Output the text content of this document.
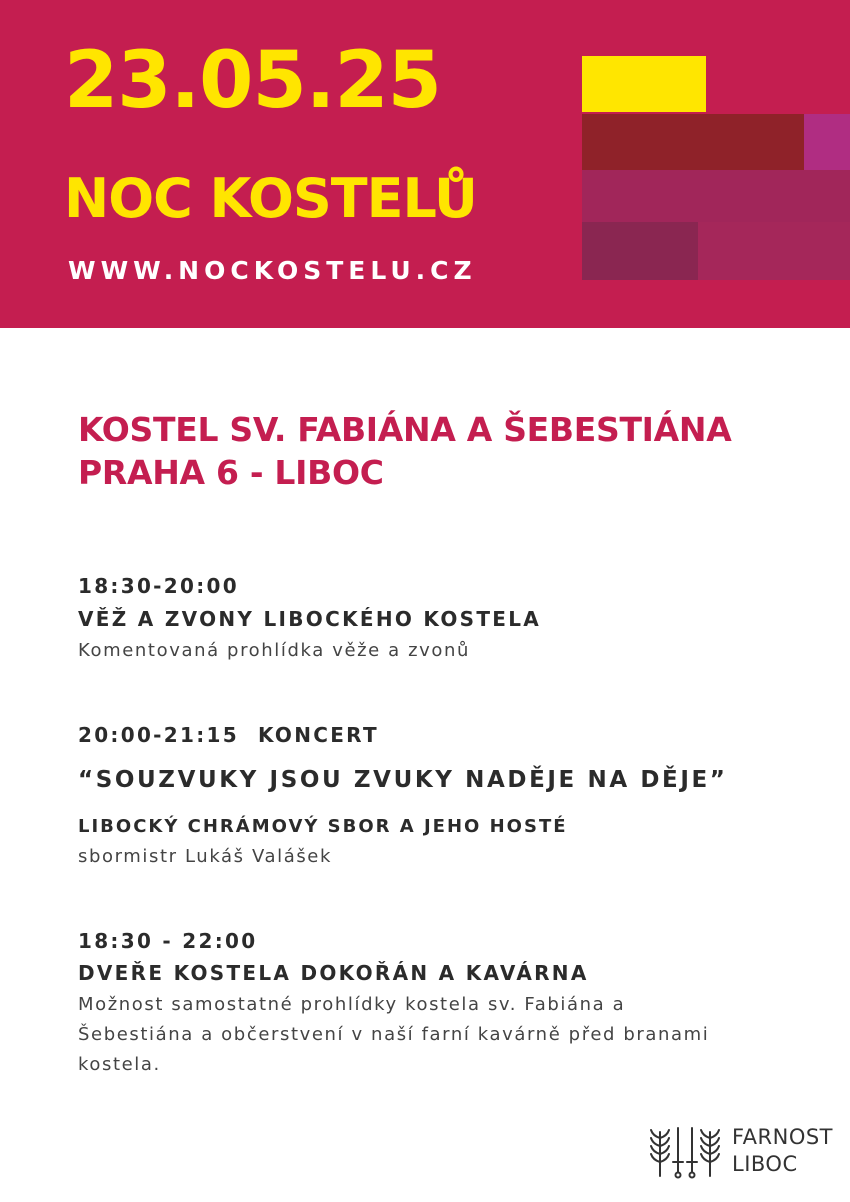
23.05.25
NOC KOSTELŮ
WWW.NOCKOSTELU.CZ
KOSTEL SV. FABIÁNA A ŠEBESTIÁNA
PRAHA 6 - LIBOC
18:30-20:00
VĚŽ A ZVONY LIBOCKÉHO KOSTELA
Komentovaná prohlídka věže a zvonů
20:00-21:15 KONCERT
“SOUZVUKY JSOU ZVUKY NADĚJE NA DĚJE”
LIBOCKÝ CHRÁMOVÝ SBOR A JEHO HOSTÉ
sbormistr Lukáš Valášek
18:30 - 22:00
DVEŘE KOSTELA DOKOŘÁN A KAVÁRNA
Možnost samostatné prohlídky kostela sv. Fabiána a
Šebestiána a občerstvení v naší farní kavárně před branami
kostela.
FARNOST
LIBOC
